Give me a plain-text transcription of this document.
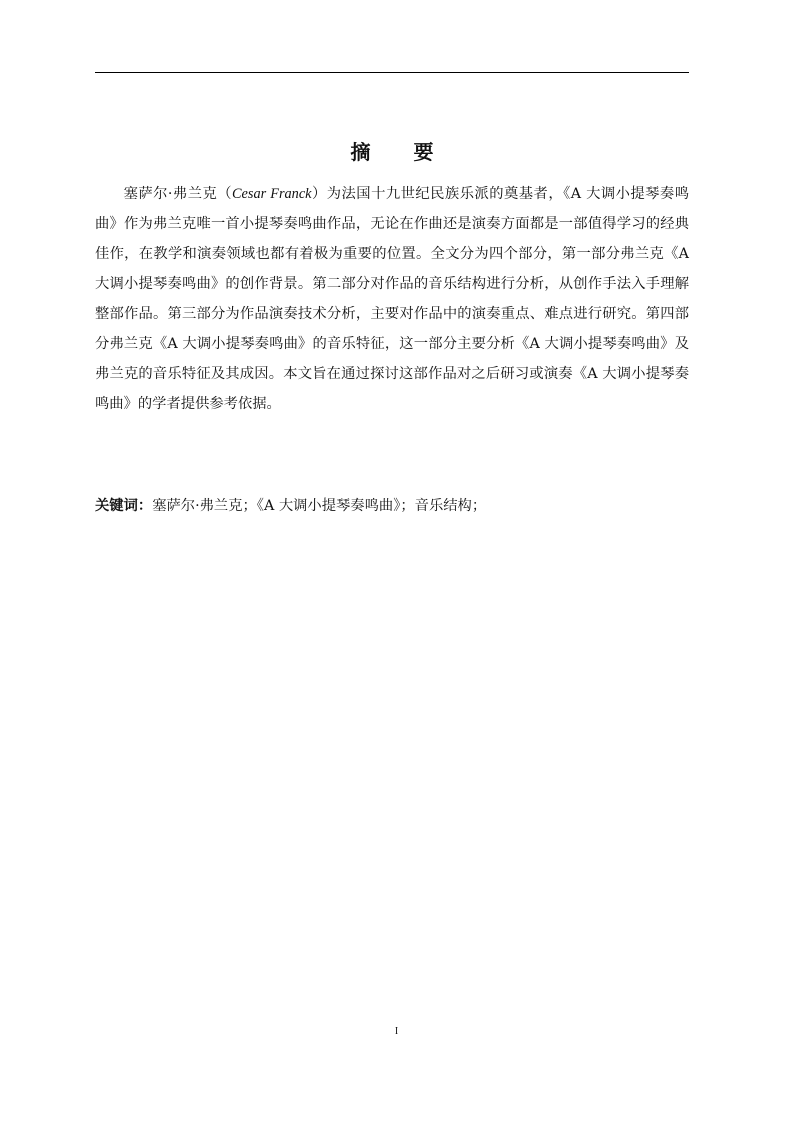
摘 要

塞萨尔·弗兰克（Cesar Franck）为法国十九世纪民族乐派的奠基者，《A 大调小提琴奏鸣曲》作为弗兰克唯一首小提琴奏鸣曲作品，无论在作曲还是演奏方面都是一部值得学习的经典佳作，在教学和演奏领域也都有着极为重要的位置。全文分为四个部分，第一部分弗兰克《A 大调小提琴奏鸣曲》的创作背景。第二部分对作品的音乐结构进行分析，从创作手法入手理解整部作品。第三部分为作品演奏技术分析，主要对作品中的演奏重点、难点进行研究。第四部分弗兰克《A 大调小提琴奏鸣曲》的音乐特征，这一部分主要分析《A 大调小提琴奏鸣曲》及弗兰克的音乐特征及其成因。本文旨在通过探讨这部作品对之后研习或演奏《A 大调小提琴奏鸣曲》的学者提供参考依据。

关键词：塞萨尔·弗兰克；《A 大调小提琴奏鸣曲》；音乐结构；
I
